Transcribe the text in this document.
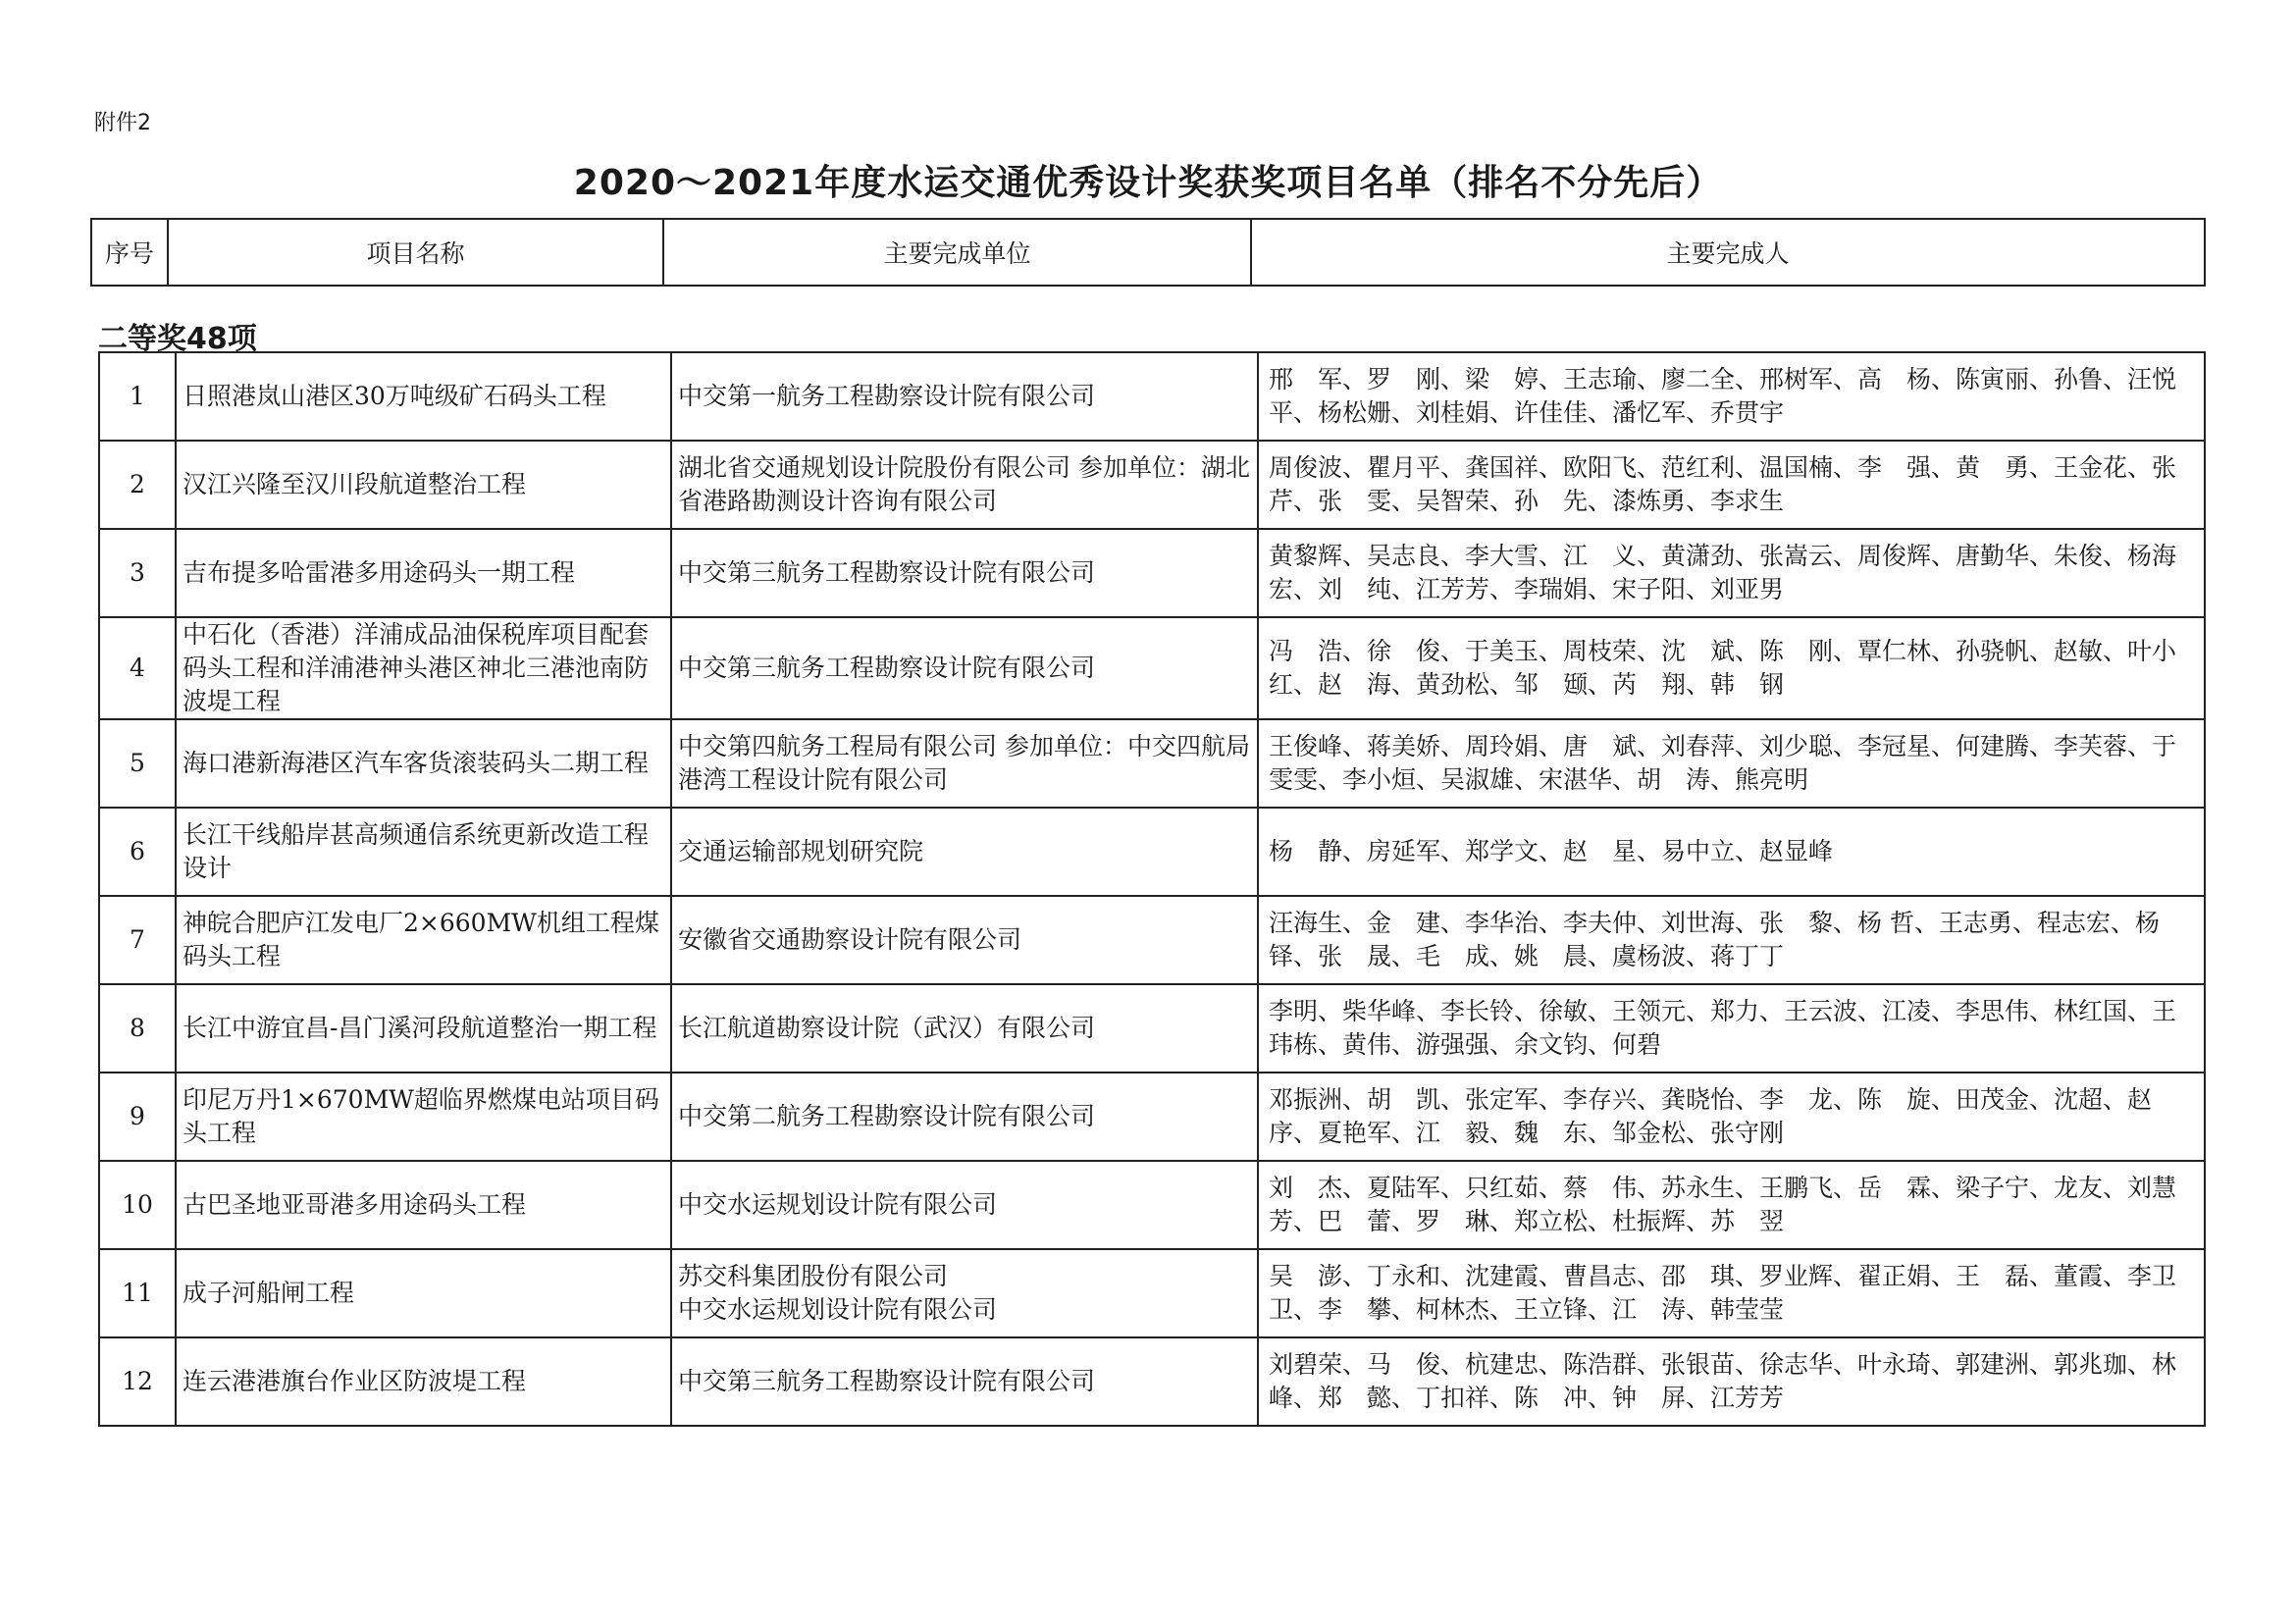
附件2
2020～2021年度水运交通优秀设计奖获奖项目名单（排名不分先后）
序号	项目名称	主要完成单位	主要完成人
二等奖48项
1	日照港岚山港区30万吨级矿石码头工程	中交第一航务工程勘察设计院有限公司	邢　军、罗　刚、梁　婷、王志瑜、廖二全、邢树军、高　杨、陈寅丽、孙鲁、汪悦平、杨松姗、刘桂娟、许佳佳、潘忆军、乔贯宇

2	汉江兴隆至汉川段航道整治工程	湖北省交通规划设计院股份有限公司 参加单位：湖北省港路勘测设计咨询有限公司	周俊波、瞿月平、龚国祥、欧阳飞、范红利、温国楠、李　强、黄　勇、王金花、张　芹、张　雯、吴智荣、孙　先、漆炼勇、李求生

3	吉布提多哈雷港多用途码头一期工程	中交第三航务工程勘察设计院有限公司	黄黎辉、吴志良、李大雪、江　义、黄潇劲、张嵩云、周俊辉、唐勤华、朱俊、杨海宏、刘　纯、江芳芳、李瑞娟、宋子阳、刘亚男

4	中石化（香港）洋浦成品油保税库项目配套码头工程和洋浦港神头港区神北三港池南防波堤工程	中交第三航务工程勘察设计院有限公司	冯　浩、徐　俊、于美玉、周枝荣、沈　斌、陈　刚、覃仁林、孙骁帆、赵敏、叶小红、赵　海、黄劲松、邹　颋、芮　翔、韩　钢

5	海口港新海港区汽车客货滚装码头二期工程	中交第四航务工程局有限公司 参加单位：中交四航局港湾工程设计院有限公司	王俊峰、蒋美娇、周玲娟、唐　斌、刘春萍、刘少聪、李冠星、何建腾、李芙蓉、于雯雯、李小烜、吴淑雄、宋湛华、胡　涛、熊亮明

6	长江干线船岸甚高频通信系统更新改造工程设计	交通运输部规划研究院	杨　静、房延军、郑学文、赵　星、易中立、赵显峰

7	神皖合肥庐江发电厂2×660MW机组工程煤码头工程	安徽省交通勘察设计院有限公司	汪海生、金　建、李华治、李夫仲、刘世海、张　黎、杨 哲、王志勇、程志宏、杨　铎、张　晟、毛　成、姚　晨、虞杨波、蒋丁丁

8	长江中游宜昌-昌门溪河段航道整治一期工程	长江航道勘察设计院（武汉）有限公司	李明、柴华峰、李长铃、徐敏、王领元、郑力、王云波、江凌、李思伟、林红国、王玮栋、黄伟、游强强、余文钧、何碧

9	印尼万丹1×670MW超临界燃煤电站项目码头工程	中交第二航务工程勘察设计院有限公司	邓振洲、胡　凯、张定军、李存兴、龚晓怡、李　龙、陈　旋、田茂金、沈超、赵　序、夏艳军、江　毅、魏　东、邹金松、张守刚

10	古巴圣地亚哥港多用途码头工程	中交水运规划设计院有限公司	刘　杰、夏陆军、只红茹、蔡　伟、苏永生、王鹏飞、岳　霖、梁子宁、龙友、刘慧芳、巴　蕾、罗　琳、郑立松、杜振辉、苏　翌

11	成子河船闸工程	苏交科集团股份有限公司
中交水运规划设计院有限公司	吴　澎、丁永和、沈建霞、曹昌志、邵　琪、罗业辉、翟正娟、王　磊、董霞、李卫卫、李　攀、柯林杰、王立锋、江　涛、韩莹莹

12	连云港港旗台作业区防波堤工程	中交第三航务工程勘察设计院有限公司	刘碧荣、马　俊、杭建忠、陈浩群、张银苗、徐志华、叶永琦、郭建洲、郭兆珈、林　峰、郑　懿、丁扣祥、陈　冲、钟　屏、江芳芳
